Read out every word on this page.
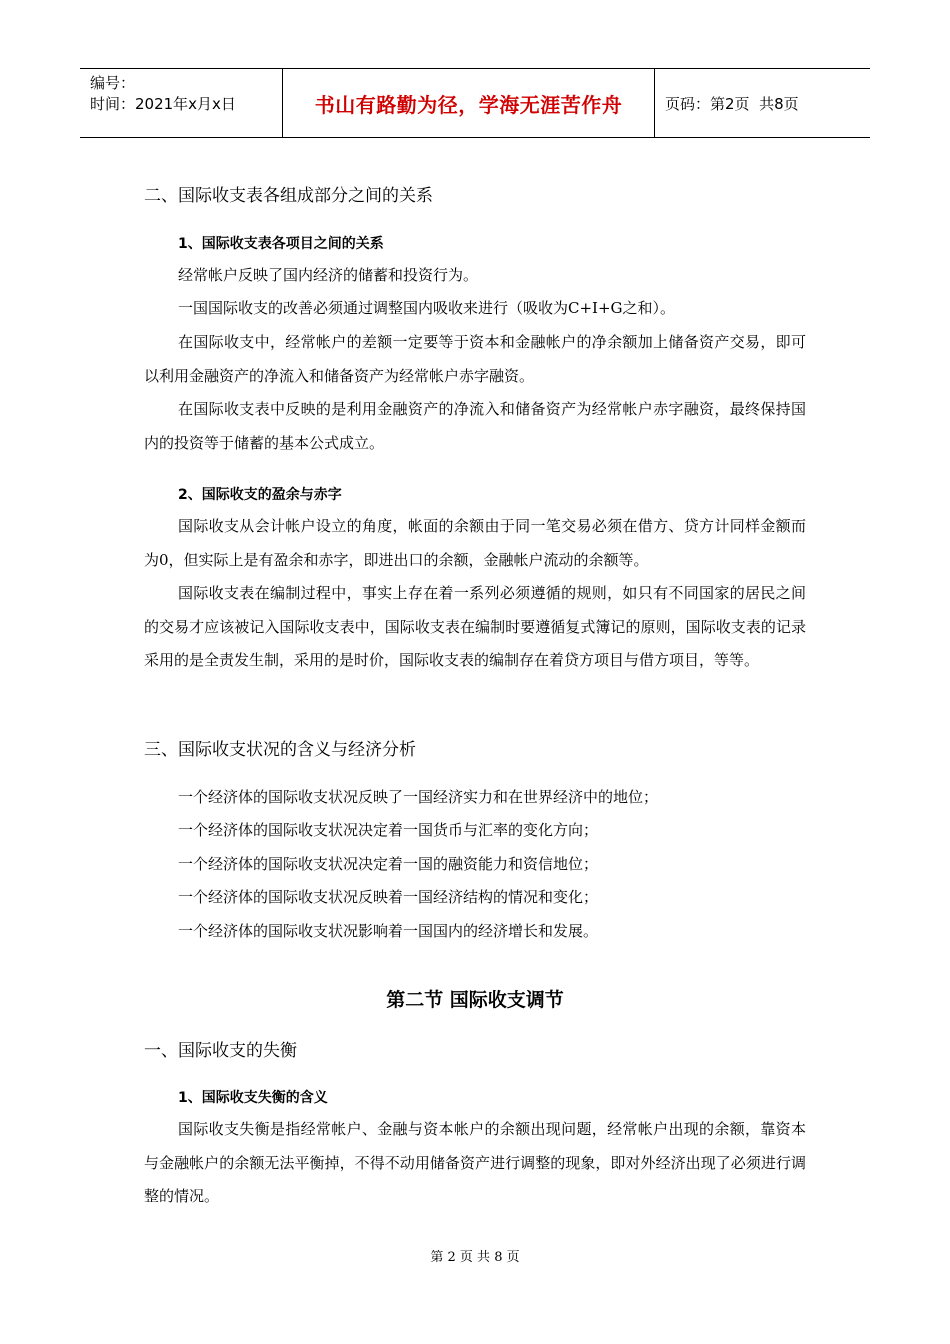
编号：
时间：2021年x月x日	书山有路勤为径，学海无涯苦作舟	页码：第2页  共8页
二、国际收支表各组成部分之间的关系
1、国际收支表各项目之间的关系
经常帐户反映了国内经济的储蓄和投资行为。
一国国际收支的改善必须通过调整国内吸收来进行（吸收为C+I+G之和）。
在国际收支中，经常帐户的差额一定要等于资本和金融帐户的净余额加上储备资产交易，即可以利用金融资产的净流入和储备资产为经常帐户赤字融资。
在国际收支表中反映的是利用金融资产的净流入和储备资产为经常帐户赤字融资，最终保持国内的投资等于储蓄的基本公式成立。
2、国际收支的盈余与赤字
国际收支从会计帐户设立的角度，帐面的余额由于同一笔交易必须在借方、贷方计同样金额而为0，但实际上是有盈余和赤字，即进出口的余额，金融帐户流动的余额等。
国际收支表在编制过程中，事实上存在着一系列必须遵循的规则，如只有不同国家的居民之间的交易才应该被记入国际收支表中，国际收支表在编制时要遵循复式簿记的原则，国际收支表的记录采用的是全责发生制，采用的是时价，国际收支表的编制存在着贷方项目与借方项目，等等。
三、国际收支状况的含义与经济分析
一个经济体的国际收支状况反映了一国经济实力和在世界经济中的地位；
一个经济体的国际收支状况决定着一国货币与汇率的变化方向；
一个经济体的国际收支状况决定着一国的融资能力和资信地位；
一个经济体的国际收支状况反映着一国经济结构的情况和变化；
一个经济体的国际收支状况影响着一国国内的经济增长和发展。
第二节 国际收支调节
一、国际收支的失衡
1、国际收支失衡的含义
国际收支失衡是指经常帐户、金融与资本帐户的余额出现问题，经常帐户出现的余额，靠资本与金融帐户的余额无法平衡掉，不得不动用储备资产进行调整的现象，即对外经济出现了必须进行调整的情况。
第 2 页 共 8 页
